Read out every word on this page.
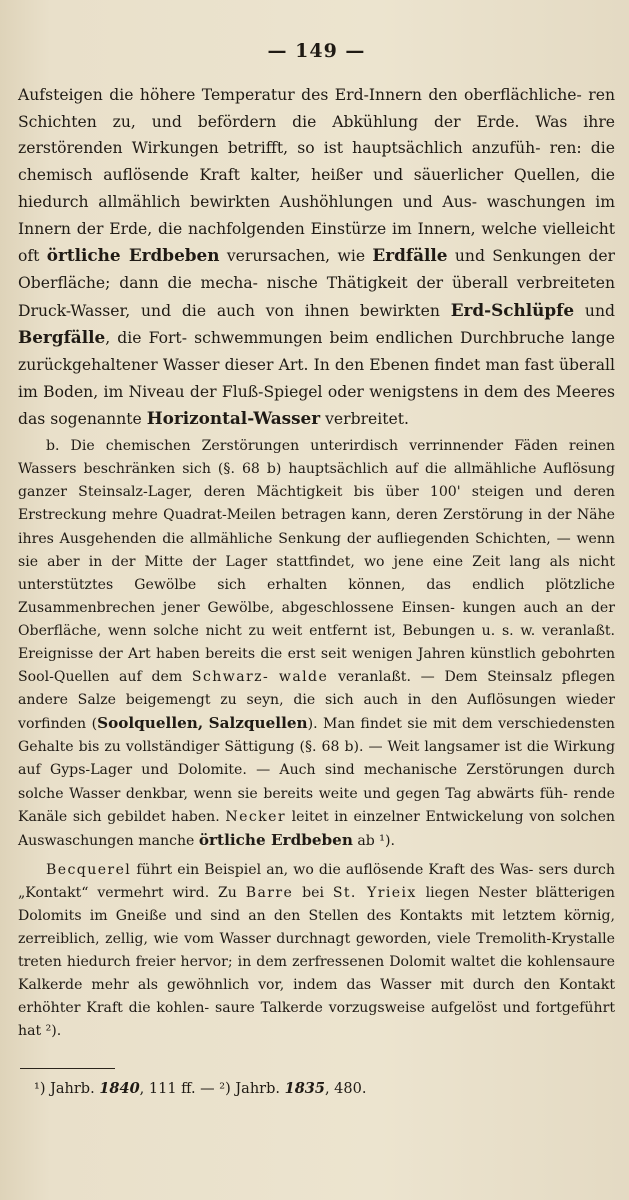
— 149 —

Aufsteigen die höhere Temperatur des Erd-Innern den oberflächliche- ren Schichten zu, und befördern die Abkühlung der Erde. Was ihre zerstörenden Wirkungen betrifft, so ist hauptsächlich anzufüh- ren: die chemisch auflösende Kraft kalter, heißer und säuerlicher Quellen, die hiedurch allmählich bewirkten Aushöhlungen und Aus- waschungen im Innern der Erde, die nachfolgenden Einstürze im Innern, welche vielleicht oft örtliche Erdbeben verursachen, wie Erdfälle und Senkungen der Oberfläche; dann die mecha- nische Thätigkeit der überall verbreiteten Druck-Wasser, und die auch von ihnen bewirkten Erd-Schlüpfe und Bergfälle, die Fort- schwemmungen beim endlichen Durchbruche lange zurückgehaltener Wasser dieser Art. In den Ebenen findet man fast überall im Boden, im Niveau der Fluß-Spiegel oder wenigstens in dem des Meeres das sogenannte Horizontal-Wasser verbreitet.

b. Die chemischen Zerstörungen unterirdisch verrinnender Fäden reinen Wassers beschränken sich (§. 68 b) hauptsächlich auf die allmähliche Auflösung ganzer Steinsalz-Lager, deren Mächtigkeit bis über 100' steigen und deren Erstreckung mehre Quadrat-Meilen betragen kann, deren Zerstörung in der Nähe ihres Ausgehenden die allmähliche Senkung der aufliegenden Schichten, — wenn sie aber in der Mitte der Lager stattfindet, wo jene eine Zeit lang als nicht unterstütztes Gewölbe sich erhalten können, das endlich plötzliche Zusammenbrechen jener Gewölbe, abgeschlossene Einsen- kungen auch an der Oberfläche, wenn solche nicht zu weit entfernt ist, Bebungen u. s. w. veranlaßt. Ereignisse der Art haben bereits die erst seit wenigen Jahren künstlich gebohrten Sool-Quellen auf dem Schwarz- walde veranlaßt. — Dem Steinsalz pflegen andere Salze beigemengt zu seyn, die sich auch in den Auflösungen wieder vorfinden (Soolquellen, Salzquellen). Man findet sie mit dem verschiedensten Gehalte bis zu vollständiger Sättigung (§. 68 b). — Weit langsamer ist die Wirkung auf Gyps-Lager und Dolomite. — Auch sind mechanische Zerstörungen durch solche Wasser denkbar, wenn sie bereits weite und gegen Tag abwärts füh- rende Kanäle sich gebildet haben. Necker leitet in einzelner Entwickelung von solchen Auswaschungen manche örtliche Erdbeben ab ¹).

Becquerel führt ein Beispiel an, wo die auflösende Kraft des Was- sers durch „Kontakt“ vermehrt wird. Zu Barre bei St. Yrieix liegen Nester blätterigen Dolomits im Gneiße und sind an den Stellen des Kontakts mit letztem körnig, zerreiblich, zellig, wie vom Wasser durchnagt geworden, viele Tremolith-Krystalle treten hiedurch freier hervor; in dem zerfressenen Dolomit waltet die kohlensaure Kalkerde mehr als gewöhnlich vor, indem das Wasser mit durch den Kontakt erhöhter Kraft die kohlen- saure Talkerde vorzugsweise aufgelöst und fortgeführt hat ²).

¹) Jahrb. 1840, 111 ff. — ²) Jahrb. 1835, 480.
